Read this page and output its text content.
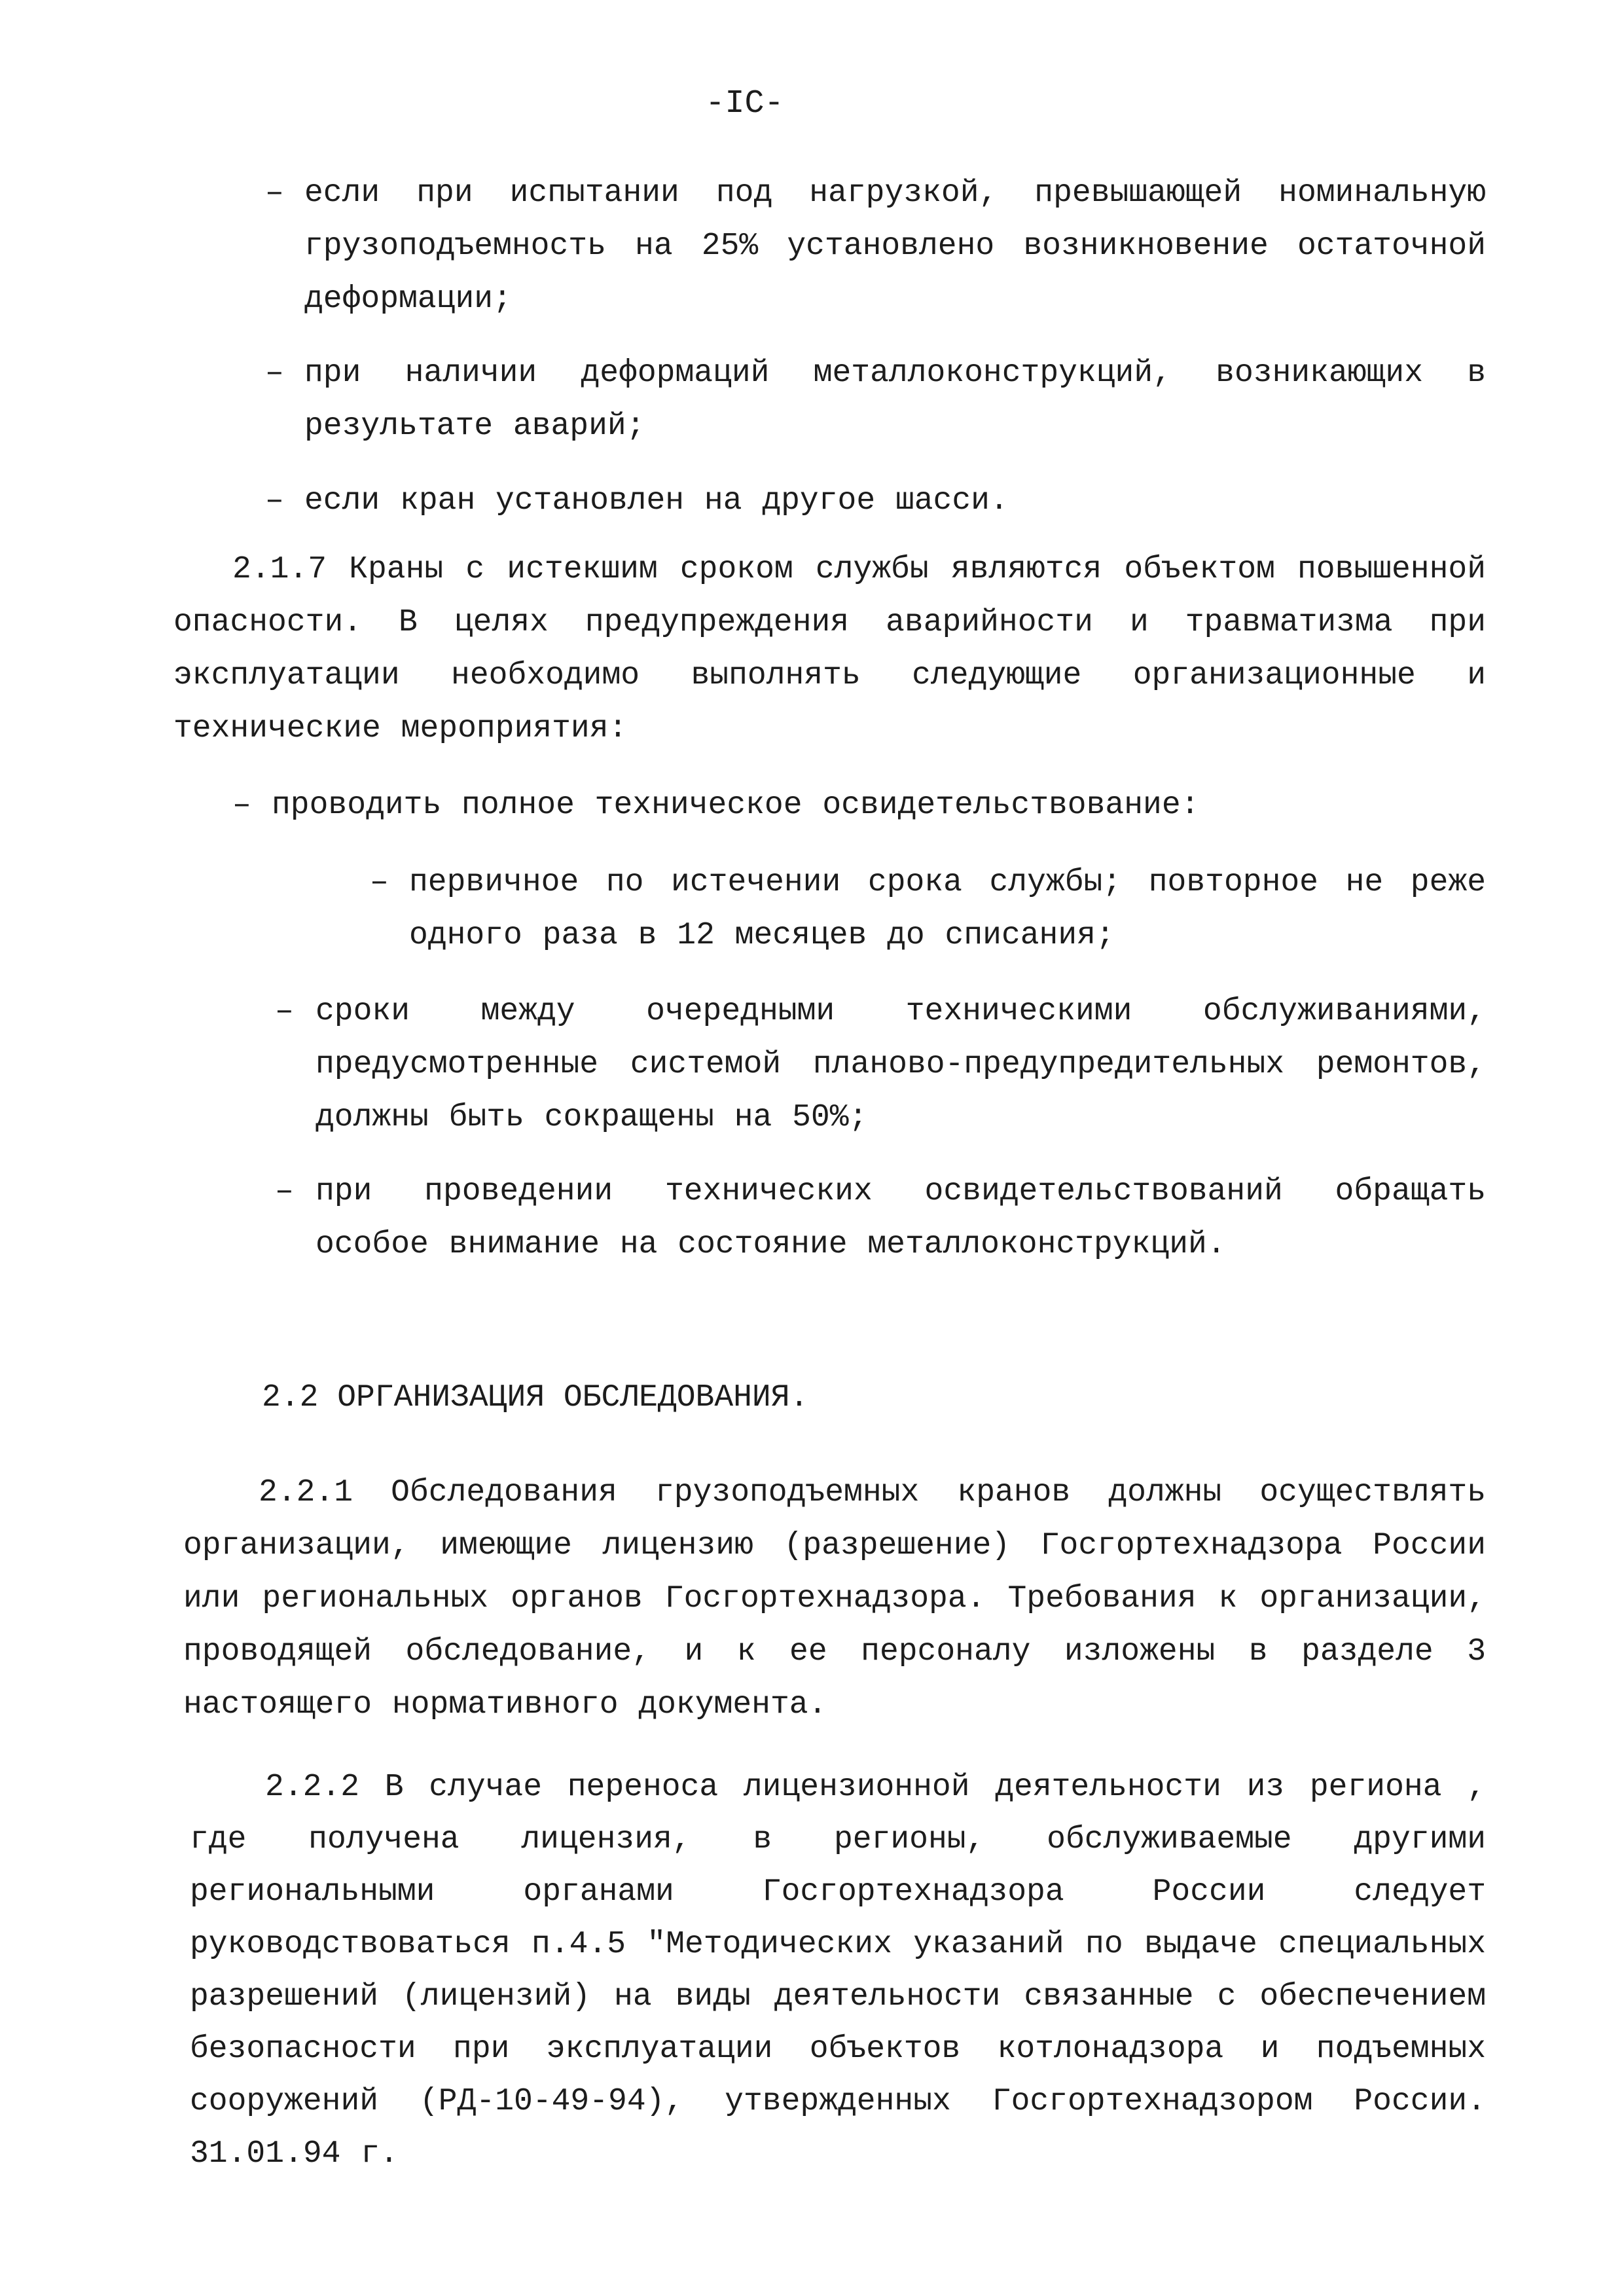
-IC-
– если при испытании под нагрузкой, превышающей номинальную грузоподъемность на 25% установлено возникновение остаточной деформации;
– при наличии деформаций металлоконструкций, возникающих в результате аварий;
– если кран установлен на другое шасси.
2.1.7 Краны с истекшим сроком службы являются объектом повышенной опасности. В целях предупреждения аварийности и травматизма при эксплуатации необходимо выполнять следующие организационные и технические мероприятия:
– проводить полное техническое освидетельствование:
– первичное по истечении срока службы; повторное не реже одного раза в 12 месяцев до списания;
– сроки между очередными техническими обслуживаниями, предусмотренные системой планово-предупредительных ремонтов, должны быть сокращены на 50%;
– при проведении технических освидетельствований обращать особое внимание на состояние металлоконструкций.
2.2 ОРГАНИЗАЦИЯ ОБСЛЕДОВАНИЯ.
2.2.1 Обследования грузоподъемных кранов должны осуществлять организации, имеющие лицензию (разрешение) Госгортехнадзора России или региональных органов Госгортехнадзора. Требования к организации, проводящей обследование, и к ее персоналу изложены в разделе 3 настоящего нормативного документа.
2.2.2 В случае переноса лицензионной деятельности из региона , где получена лицензия, в регионы, обслуживаемые другими региональными органами Госгортехнадзора России следует руководствоваться п.4.5 "Методических указаний по выдаче специальных разрешений (лицензий) на виды деятельности связанные с обеспечением безопасности при эксплуатации объектов котлонадзора и подъемных сооружений (РД-10-49-94), утвержденных Госгортехнадзором России. 31.01.94 г.
